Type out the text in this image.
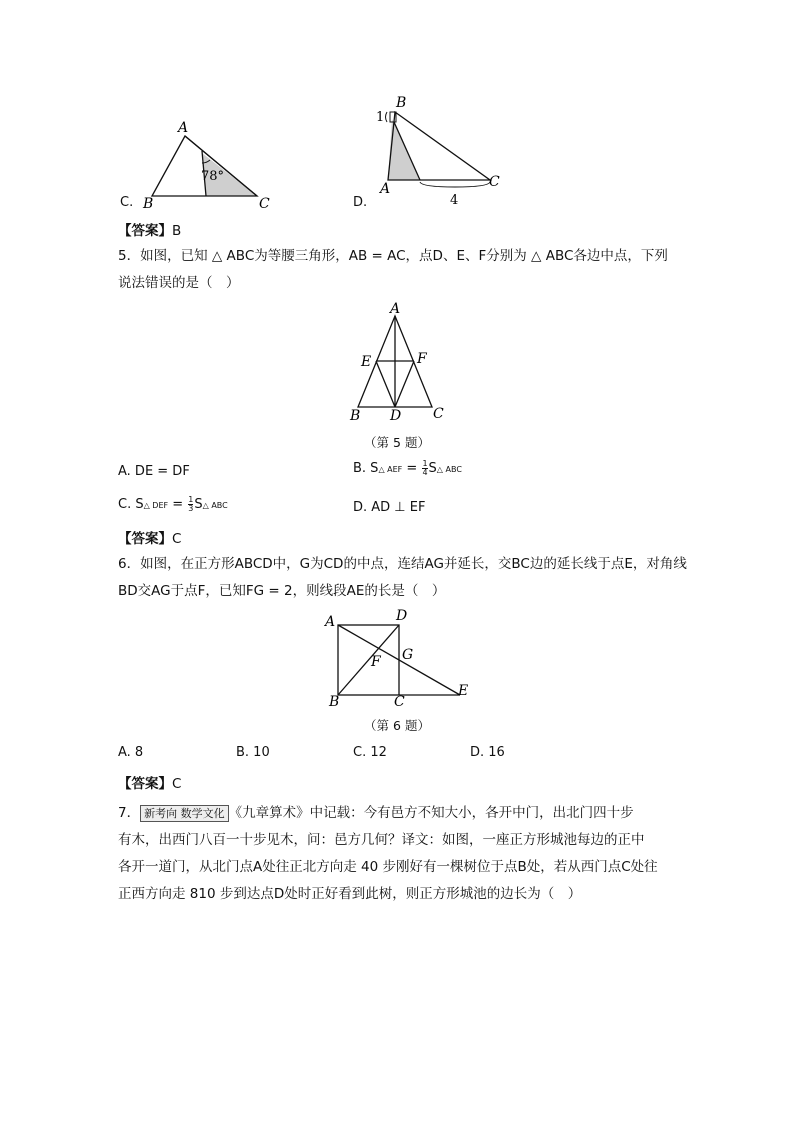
A
B	C
78°
C.
B
1
A	C
4
D.
【答案】B
5．如图，已知 △ ABC为等腰三角形，AB = AC，点D、E、F分别为 △ ABC各边中点，下列
说法错误的是（　）
A
E	F
B D C
（第 5 题）
A. DE = DF	B. S△ AEF = $\frac{1}{4}$ S△ ABC
C. S△ DEF = $\frac{1}{3}$ S△ ABC	D. AD ⊥ EF
【答案】C
6．如图，在正方形ABCD中，G为CD的中点，连结AG并延长，交BC边的延长线于点E，对角线
BD交AG于点F，已知FG = 2，则线段AE的长是（　）
A	D
F G
B	C
E
（第 6 题）
A. 8	B. 10	C. 12	D. 16
【答案】C
7． 新考向 数学文化 《九章算术》中记载：今有邑方不知大小，各开中门，出北门四十步
有木，出西门八百一十步见木，问：邑方几何？译文：如图，一座正方形城池每边的正中
各开一道门，从北门点A处往正北方向走 40 步刚好有一棵树位于点B处，若从西门点C处往
正西方向走 810 步到达点D处时正好看到此树，则正方形城池的边长为（　）
